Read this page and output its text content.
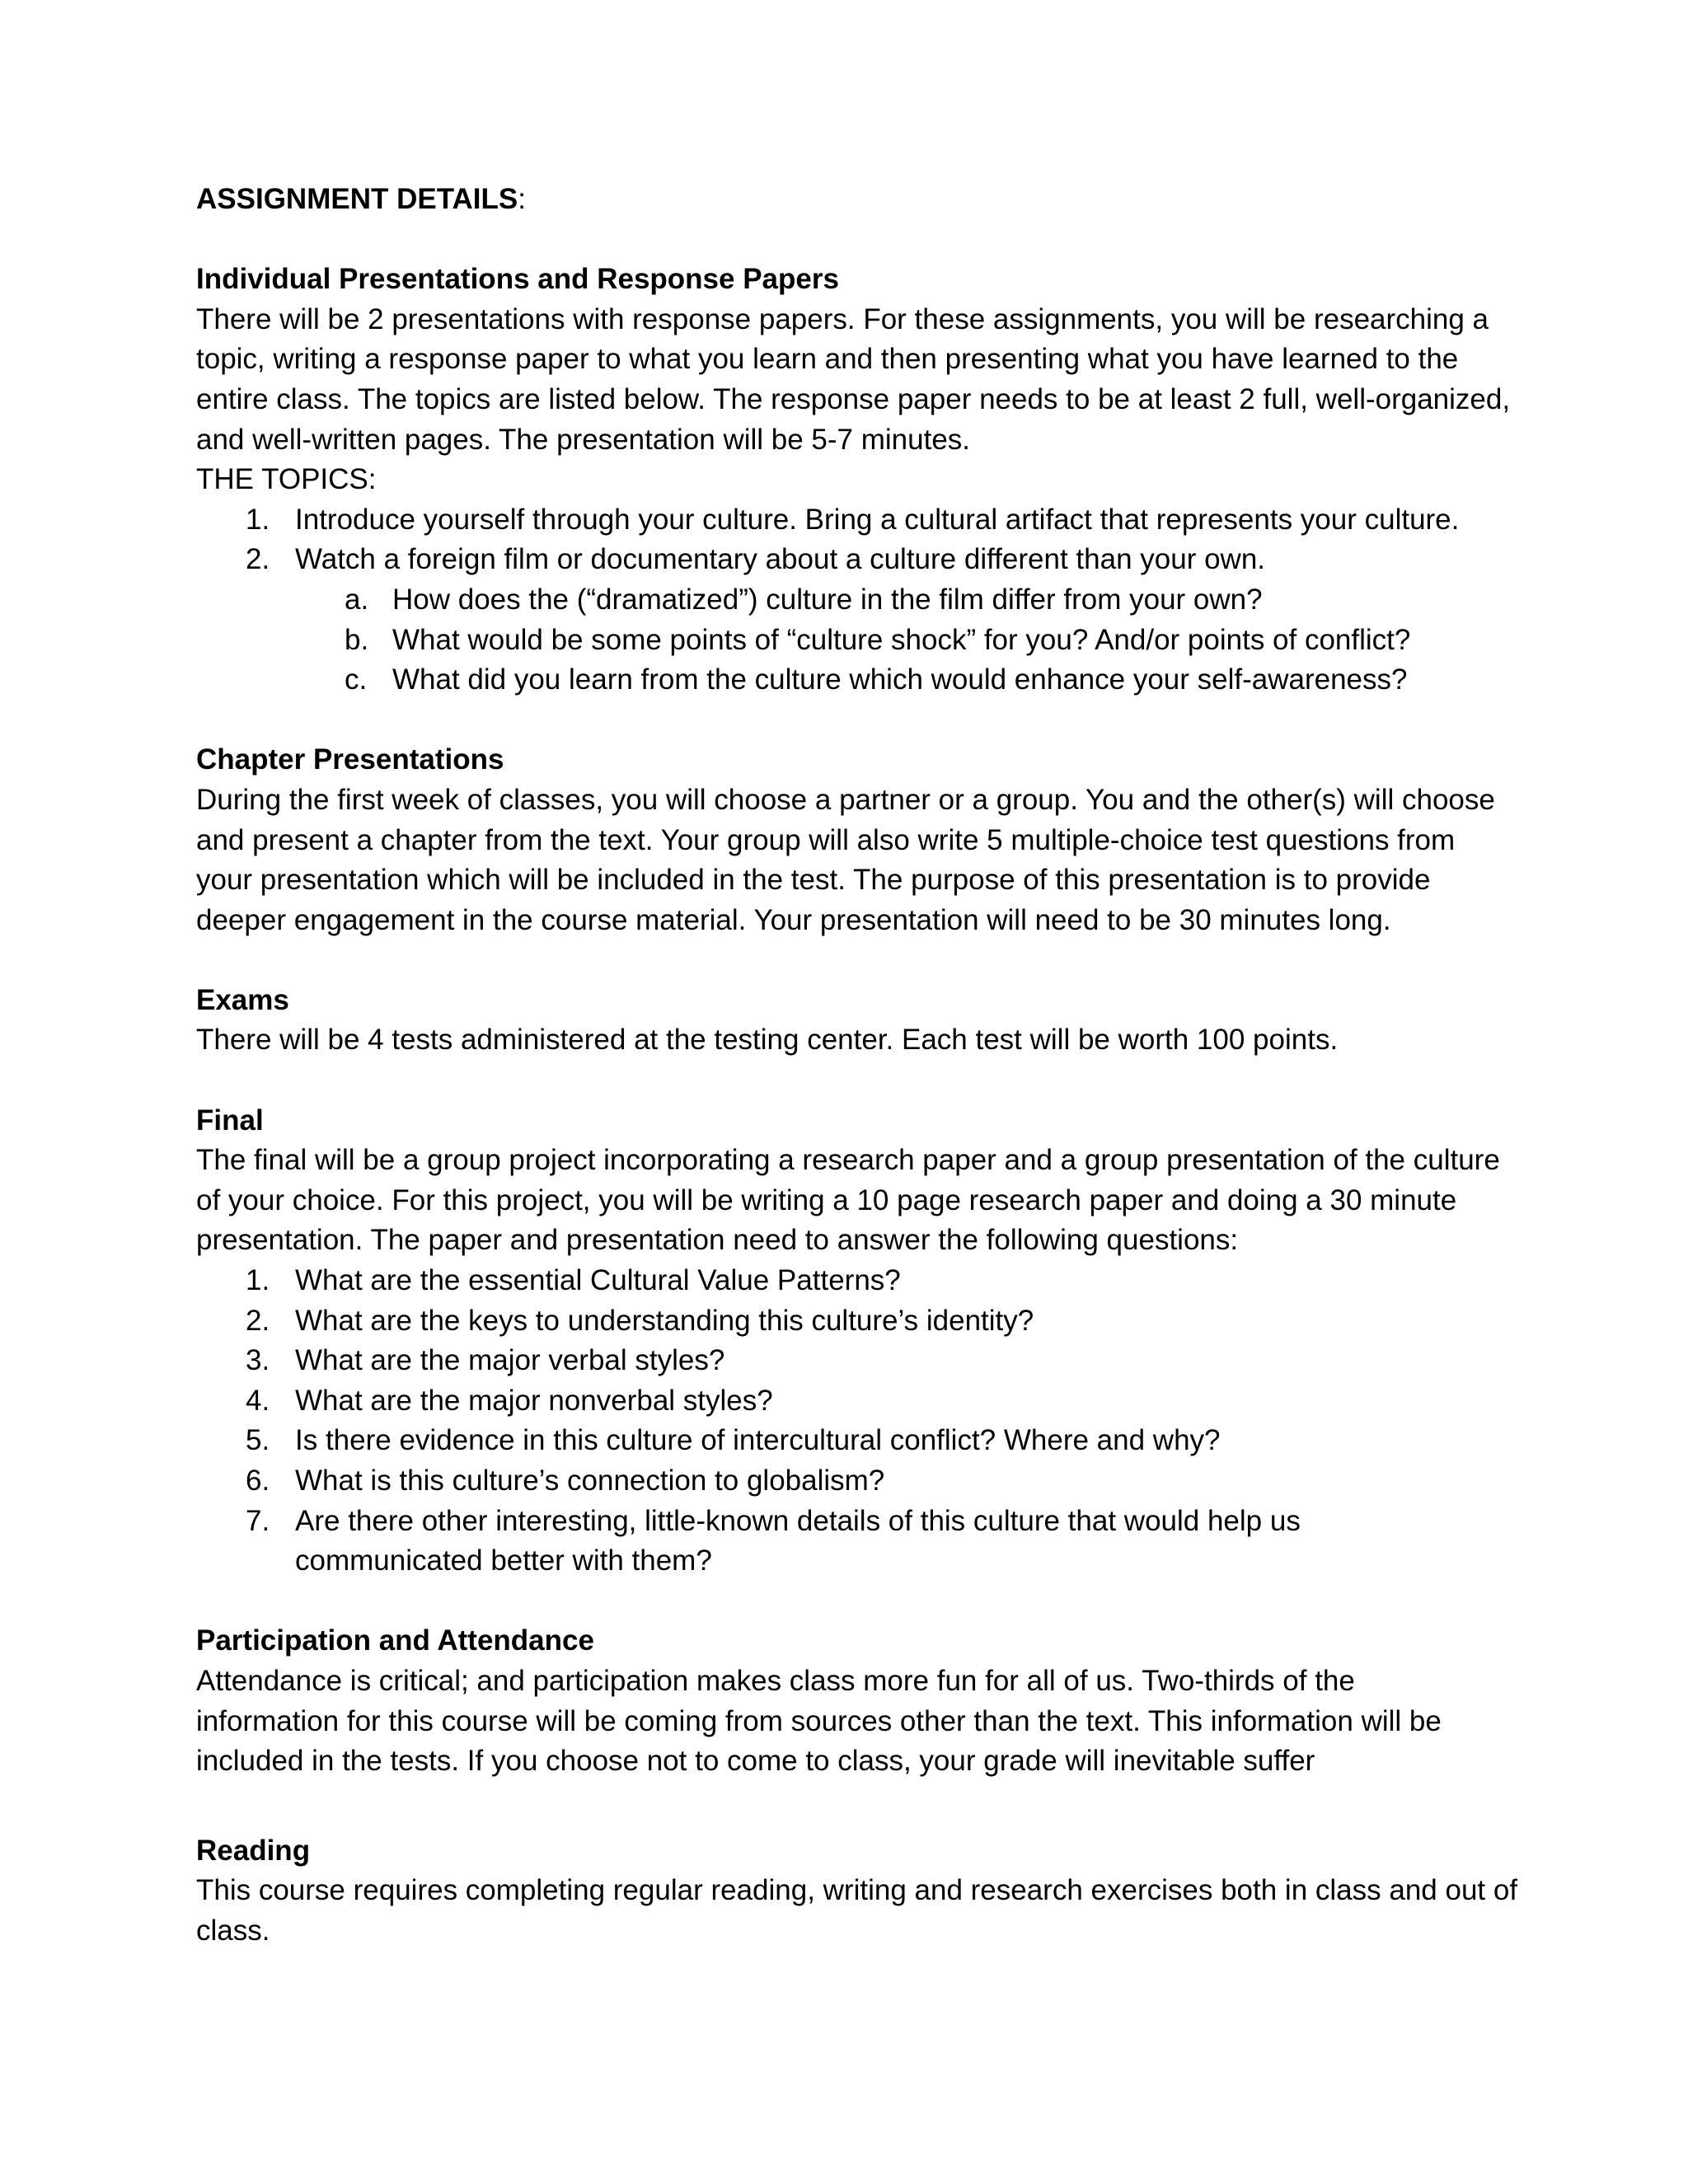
ASSIGNMENT DETAILS:

Individual Presentations and Response Papers

There will be 2 presentations with response papers. For these assignments, you will be researching a

topic, writing a response paper to what you learn and then presenting what you have learned to the

entire class. The topics are listed below. The response paper needs to be at least 2 full, well-organized,

and well-written pages. The presentation will be 5-7 minutes.

THE TOPICS:

1. Introduce yourself through your culture. Bring a cultural artifact that represents your culture.
2. Watch a foreign film or documentary about a culture different than your own.
a. How does the (“dramatized”) culture in the film differ from your own?
b. What would be some points of “culture shock” for you? And/or points of conflict?
c. What did you learn from the culture which would enhance your self-awareness?

Chapter Presentations

During the first week of classes, you will choose a partner or a group. You and the other(s) will choose

and present a chapter from the text. Your group will also write 5 multiple-choice test questions from

your presentation which will be included in the test. The purpose of this presentation is to provide

deeper engagement in the course material. Your presentation will need to be 30 minutes long.

Exams

There will be 4 tests administered at the testing center. Each test will be worth 100 points.

Final

The final will be a group project incorporating a research paper and a group presentation of the culture

of your choice. For this project, you will be writing a 10 page research paper and doing a 30 minute

presentation. The paper and presentation need to answer the following questions:

1. What are the essential Cultural Value Patterns?
2. What are the keys to understanding this culture’s identity?
3. What are the major verbal styles?
4. What are the major nonverbal styles?
5. Is there evidence in this culture of intercultural conflict? Where and why?
6. What is this culture’s connection to globalism?
7. Are there other interesting, little-known details of this culture that would help us

communicated better with them?

Participation and Attendance

Attendance is critical; and participation makes class more fun for all of us. Two-thirds of the

information for this course will be coming from sources other than the text. This information will be

included in the tests. If you choose not to come to class, your grade will inevitable suffer

Reading

This course requires completing regular reading, writing and research exercises both in class and out of

class.
